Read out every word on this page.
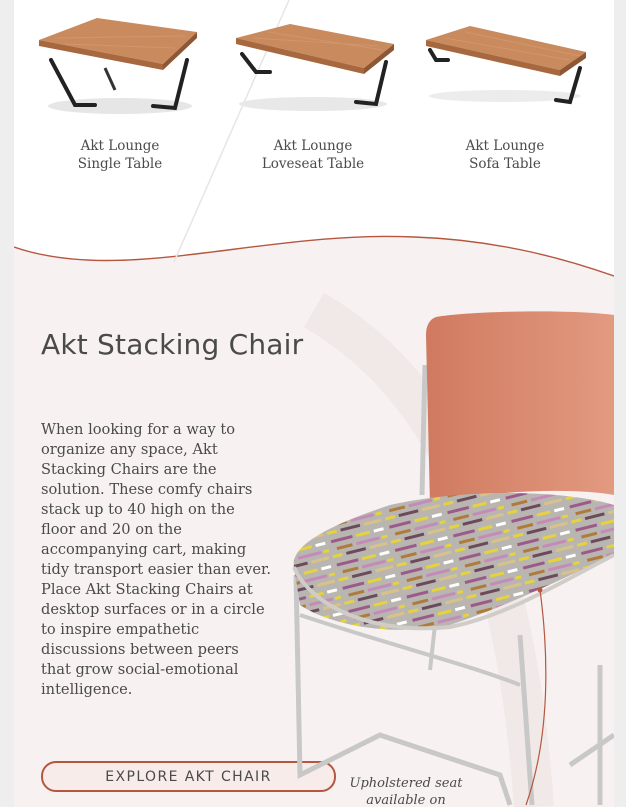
Akt Lounge
Single Table
Akt Lounge
Loveseat Table
Akt Lounge
Sofa Table
Akt Stacking Chair

When looking for a way to organize any space, Akt Stacking Chairs are the solution. These comfy chairs stack up to 40 high on the floor and 20 on the accompanying cart, making tidy transport easier than ever. Place Akt Stacking Chairs at desktop surfaces or in a circle to inspire empathetic discussions between peers that grow social-emotional intelligence.

EXPLORE AKT CHAIR	Upholstered seat
available on
